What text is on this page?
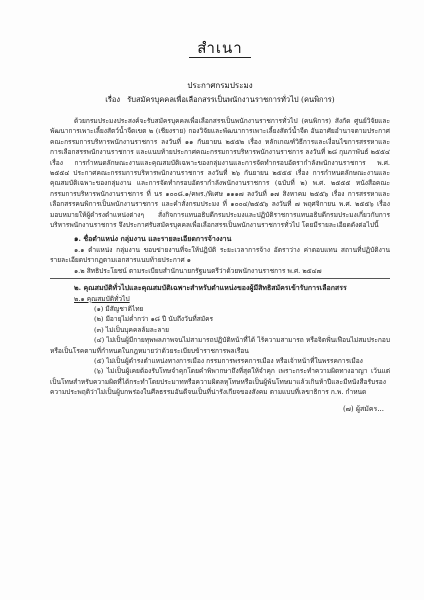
สำเนา
ประกาศกรมประมง
เรื่อง รับสมัครบุคคลเพื่อเลือกสรรเป็นพนักงานราชการทั่วไป (คนพิการ)

ด้วยกรมประมงประสงค์จะรับสมัครบุคคลเพื่อเลือกสรรเป็นพนักงานราชการทั่วไป (คนพิการ) สังกัด ศูนย์วิจัยและพัฒนาการเพาะเลี้ยงสัตว์น้ำจืดเขต ๒ (เชียงราย) กองวิจัยและพัฒนาการเพาะเลี้ยงสัตว์น้ำจืด อันอาศัยอำนาจตามประกาศคณะกรรมการบริหารพนักงานราชการ ลงวันที่ ๑๑ กันยายน ๒๕๕๒ เรื่อง หลักเกณฑ์วิธีการและเงื่อนไขการสรรหาและการเลือกสรรพนักงานราชการ และแนบท้ายประกาศคณะกรรมการบริหารพนักงานราชการ ลงวันที่ ๒๘ กุมภาพันธ์ ๒๕๕๔ เรื่อง การกำหนดลักษณะงานและคุณสมบัติเฉพาะของกลุ่มงานและการจัดทำกรอบอัตรากำลังพนักงานราชการ พ.ศ. ๒๕๕๔ ประกาศคณะกรรมการบริหารพนักงานราชการ ลงวันที่ ๒๖ กันยายน ๒๕๕๕ เรื่อง การกำหนดลักษณะงานและคุณสมบัติเฉพาะของกลุ่มงาน และการจัดทำกรอบอัตรากำลังพนักงานราชการ (ฉบับที่ ๒) พ.ศ. ๒๕๕๕ หนังสือคณะกรรมการบริหารพนักงานราชการ ที่ นร ๑๐๐๘.๑/คพร./พิเศษ ๑๑๑๗ ลงวันที่ ๑๗ สิงหาคม ๒๕๕๖ เรื่อง การสรรหาและเลือกสรรคนพิการเป็นพนักงานราชการ และคำสั่งกรมประมง ที่ ๑๐๐๔/๒๕๕๖ ลงวันที่ ๗ พฤศจิกายน พ.ศ. ๒๕๕๖ เรื่อง มอบหมายให้ผู้ดำรงตำแหน่งต่างๆ สั่งกิจการแทนอธิบดีกรมประมงและปฏิบัติราชการแทนอธิบดีกรมประมงเกี่ยวกับการบริหารพนักงานราชการ จึงประกาศรับสมัครบุคคลเพื่อเลือกสรรเป็นพนักงานราชการทั่วไป โดยมีรายละเอียดดังต่อไปนี้

๑. ชื่อตำแหน่ง กลุ่มงาน และรายละเอียดการจ้างงาน

๑.๑ ตำแหน่ง กลุ่มงาน ขอบข่ายงานที่จะให้ปฏิบัติ ระยะเวลาการจ้าง อัตราว่าง ค่าตอบแทน สถานที่ปฏิบัติงาน รายละเอียดปรากฏตามเอกสารแนบท้ายประกาศ ๑

๑.๒ สิทธิประโยชน์ ตามระเบียบสำนักนายกรัฐมนตรีว่าด้วยพนักงานราชการ พ.ศ. ๒๕๔๗

๒. คุณสมบัติทั่วไปและคุณสมบัติเฉพาะสำหรับตำแหน่งของผู้มีสิทธิสมัครเข้ารับการเลือกสรร

๒.๑ คุณสมบัติทั่วไป

(๑) มีสัญชาติไทย

(๒) มีอายุไม่ต่ำกว่า ๑๘ ปี นับถึงวันที่สมัคร

(๓) ไม่เป็นบุคคลล้มละลาย

(๔) ไม่เป็นผู้มีกายทุพพลภาพจนไม่สามารถปฏิบัติหน้าที่ได้ ไร้ความสามารถ หรือจิตฟั่นเฟือนไม่สมประกอบ หรือเป็นโรคตามที่กำหนดในกฎหมายว่าด้วยระเบียบข้าราชการพลเรือน

(๕) ไม่เป็นผู้ดำรงตำแหน่งทางการเมือง กรรมการพรรคการเมือง หรือเจ้าหน้าที่ในพรรคการเมือง

(๖) ไม่เป็นผู้เคยต้องรับโทษจำคุกโดยคำพิพากษาถึงที่สุดให้จำคุก เพราะกระทำความผิดทางอาญา เว้นแต่เป็นโทษสำหรับความผิดที่ได้กระทำโดยประมาทหรือความผิดลหุโทษหรือเป็นผู้พ้นโทษมาแล้วเกินห้าปีและมีหนังสือรับรองความประพฤติว่าไม่เป็นผู้บกพร่องในศีลธรรมอันดีจนเป็นที่น่ารังเกียจของสังคม ตามแบบที่เลขาธิการ ก.พ. กำหนด

(๗) ผู้สมัคร...
